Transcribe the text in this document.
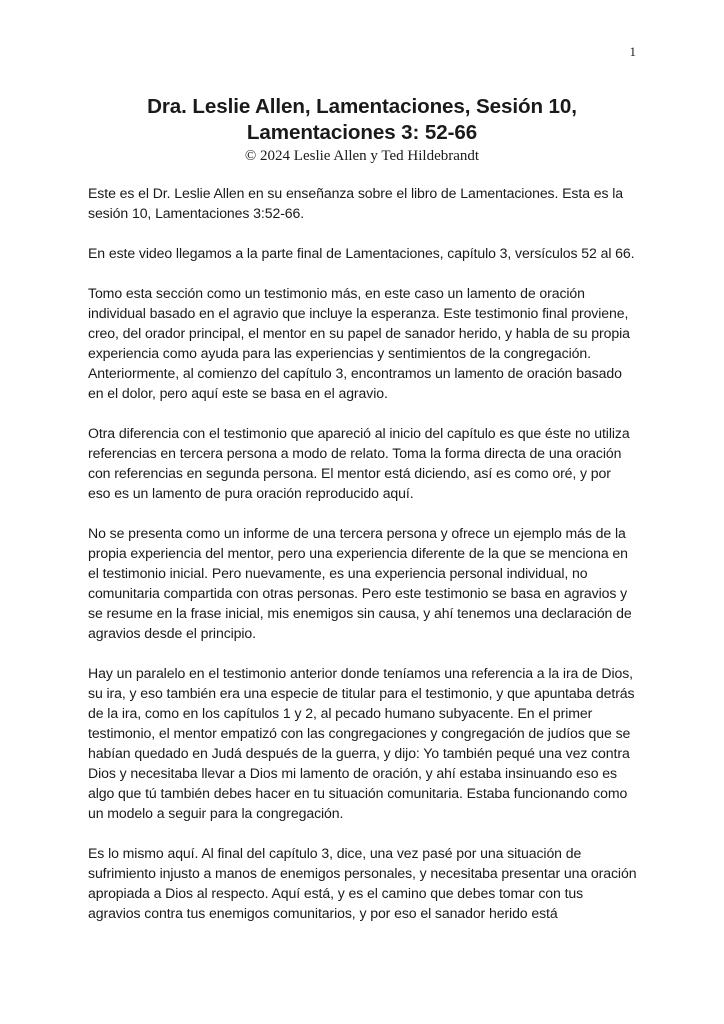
1
Dra. Leslie Allen, Lamentaciones, Sesión 10,
Lamentaciones 3: 52-66
© 2024 Leslie Allen y Ted Hildebrandt

Este es el Dr. Leslie Allen en su enseñanza sobre el libro de Lamentaciones. Esta es la sesión 10, Lamentaciones 3:52-66.

En este video llegamos a la parte final de Lamentaciones, capítulo 3, versículos 52 al 66.

Tomo esta sección como un testimonio más, en este caso un lamento de oración individual basado en el agravio que incluye la esperanza. Este testimonio final proviene, creo, del orador principal, el mentor en su papel de sanador herido, y habla de su propia experiencia como ayuda para las experiencias y sentimientos de la congregación. Anteriormente, al comienzo del capítulo 3, encontramos un lamento de oración basado en el dolor, pero aquí este se basa en el agravio.

Otra diferencia con el testimonio que apareció al inicio del capítulo es que éste no utiliza referencias en tercera persona a modo de relato. Toma la forma directa de una oración con referencias en segunda persona. El mentor está diciendo, así es como oré, y por eso es un lamento de pura oración reproducido aquí.

No se presenta como un informe de una tercera persona y ofrece un ejemplo más de la propia experiencia del mentor, pero una experiencia diferente de la que se menciona en el testimonio inicial. Pero nuevamente, es una experiencia personal individual, no comunitaria compartida con otras personas. Pero este testimonio se basa en agravios y se resume en la frase inicial, mis enemigos sin causa, y ahí tenemos una declaración de agravios desde el principio.

Hay un paralelo en el testimonio anterior donde teníamos una referencia a la ira de Dios, su ira, y eso también era una especie de titular para el testimonio, y que apuntaba detrás de la ira, como en los capítulos 1 y 2, al pecado humano subyacente. En el primer testimonio, el mentor empatizó con las congregaciones y congregación de judíos que se habían quedado en Judá después de la guerra, y dijo: Yo también pequé una vez contra Dios y necesitaba llevar a Dios mi lamento de oración, y ahí estaba insinuando eso es algo que tú también debes hacer en tu situación comunitaria. Estaba funcionando como un modelo a seguir para la congregación.

Es lo mismo aquí. Al final del capítulo 3, dice, una vez pasé por una situación de sufrimiento injusto a manos de enemigos personales, y necesitaba presentar una oración apropiada a Dios al respecto. Aquí está, y es el camino que debes tomar con tus agravios contra tus enemigos comunitarios, y por eso el sanador herido está
